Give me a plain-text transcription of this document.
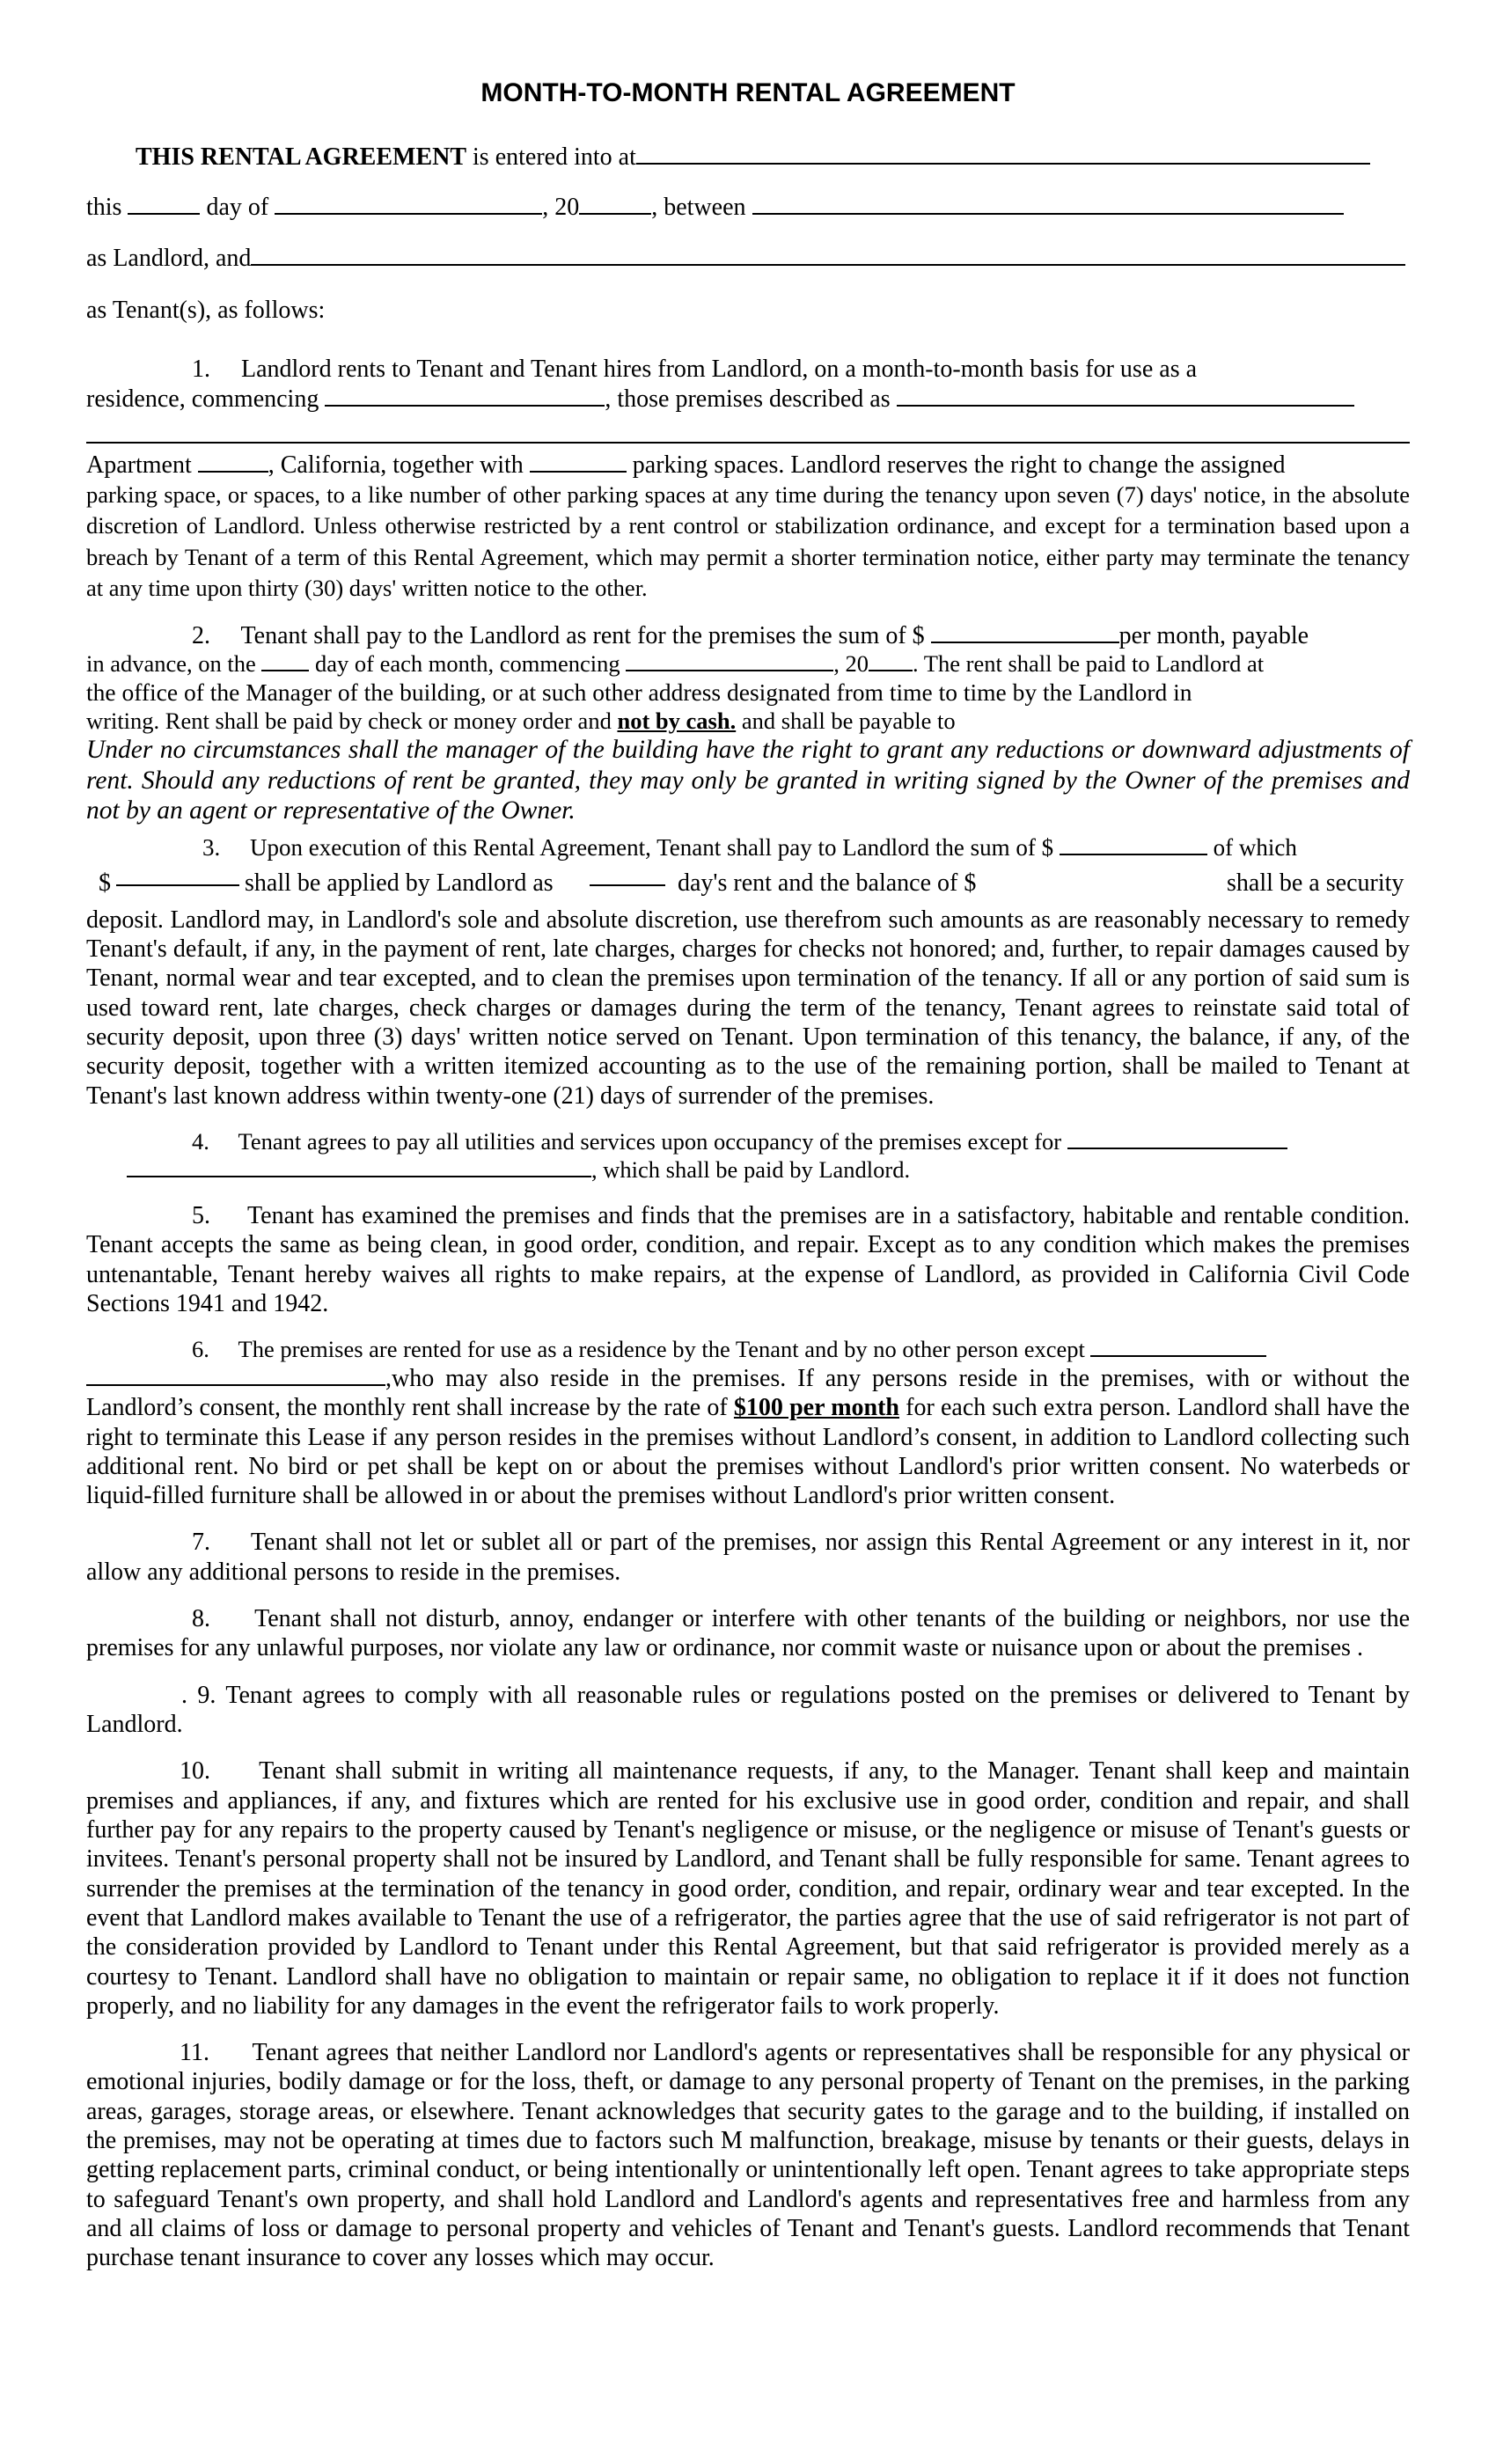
MONTH-TO-MONTH RENTAL AGREEMENT

THIS RENTAL AGREEMENT is entered into at

this	day of	, 20	, between

as Landlord, and

as Tenant(s), as follows:

1.     Landlord rents to Tenant and Tenant hires from Landlord, on a month-to-month basis for use as a

residence, commencing	, those premises described as

Apartment	, California, together with	parking spaces. Landlord reserves the right to change the assigned

parking space, or spaces, to a like number of other parking spaces at any time during the tenancy upon seven (7) days' notice, in the absolute discretion of Landlord. Unless otherwise restricted by a rent control or stabilization ordinance, and except for a termination based upon a breach by Tenant of a term of this Rental Agreement, which may permit a shorter termination notice, either party may terminate the tenancy at any time upon thirty (30) days' written notice to the other.

2.     Tenant shall pay to the Landlord as rent for the premises the sum of $	per month, payable

in advance, on the	day of each month, commencing	, 20 . The rent shall be paid to Landlord at

the office of the Manager of the building, or at such other address designated from time to time by the Landlord in

writing. Rent shall be paid by check or money order and not by cash. and shall be payable to

Under no circumstances shall the manager of the building have the right to grant any reductions or downward adjustments of rent. Should any reductions of rent be granted, they may only be granted in writing signed by the Owner of the premises and not by an agent or representative of the Owner.

3.     Upon execution of this Rental Agreement, Tenant shall pay to Landlord the sum of $	of which

$	shall be applied by Landlord as	day's rent and the balance of $	shall be a security

deposit. Landlord may, in Landlord's sole and absolute discretion, use therefrom such amounts as are reasonably necessary to remedy Tenant's default, if any, in the payment of rent, late charges, charges for checks not honored; and, further, to repair damages caused by Tenant, normal wear and tear excepted, and to clean the premises upon termination of the tenancy. If all or any portion of said sum is used toward rent, late charges, check charges or damages during the term of the tenancy, Tenant agrees to reinstate said total of security deposit, upon three (3) days' written notice served on Tenant. Upon termination of this tenancy, the balance, if any, of the security deposit, together with a written itemized accounting as to the use of the remaining portion, shall be mailed to Tenant at Tenant's last known address within twenty-one (21) days of surrender of the premises.

4.     Tenant agrees to pay all utilities and services upon occupancy of the premises except for

, which shall be paid by Landlord.

5.     Tenant has examined the premises and finds that the premises are in a satisfactory, habitable and rentable condition. Tenant accepts the same as being clean, in good order, condition, and repair. Except as to any condition which makes the premises untenantable, Tenant hereby waives all rights to make repairs, at the expense of Landlord, as provided in California Civil Code Sections 1941 and 1942.

6.     The premises are rented for use as a residence by the Tenant and by no other person except

,who may also reside in the premises. If any persons reside in the premises, with or without the Landlord’s consent, the monthly rent shall increase by the rate of $100 per month for each such extra person. Landlord shall have the right to terminate this Lease if any person resides in the premises without Landlord’s consent, in addition to Landlord collecting such additional rent. No bird or pet shall be kept on or about the premises without Landlord's prior written consent. No waterbeds or liquid-filled furniture shall be allowed in or about the premises without Landlord's prior written consent.

7.     Tenant shall not let or sublet all or part of the premises, nor assign this Rental Agreement or any interest in it, nor allow any additional persons to reside in the premises.

8.     Tenant shall not disturb, annoy, endanger or interfere with other tenants of the building or neighbors, nor use the premises for any unlawful purposes, nor violate any law or ordinance, nor commit waste or nuisance upon or about the premises .

. 9. Tenant agrees to comply with all reasonable rules or regulations posted on the premises or delivered to Tenant by Landlord.

10.     Tenant shall submit in writing all maintenance requests, if any, to the Manager. Tenant shall keep and maintain premises and appliances, if any, and fixtures which are rented for his exclusive use in good order, condition and repair, and shall further pay for any repairs to the property caused by Tenant's negligence or misuse, or the negligence or misuse of Tenant's guests or invitees. Tenant's personal property shall not be insured by Landlord, and Tenant shall be fully responsible for same. Tenant agrees to surrender the premises at the termination of the tenancy in good order, condition, and repair, ordinary wear and tear excepted. In the event that Landlord makes available to Tenant the use of a refrigerator, the parties agree that the use of said refrigerator is not part of the consideration provided by Landlord to Tenant under this Rental Agreement, but that said refrigerator is provided merely as a courtesy to Tenant. Landlord shall have no obligation to maintain or repair same, no obligation to replace it if it does not function properly, and no liability for any damages in the event the refrigerator fails to work properly.

11.      Tenant agrees that neither Landlord nor Landlord's agents or representatives shall be responsible for any physical or emotional injuries, bodily damage or for the loss, theft, or damage to any personal property of Tenant on the premises, in the parking areas, garages, storage areas, or elsewhere. Tenant acknowledges that security gates to the garage and to the building, if installed on the premises, may not be operating at times due to factors such M malfunction, breakage, misuse by tenants or their guests, delays in getting replacement parts, criminal conduct, or being intentionally or unintentionally left open. Tenant agrees to take appropriate steps to safeguard Tenant's own property, and shall hold Landlord and Landlord's agents and representatives free and harmless from any and all claims of loss or damage to personal property and vehicles of Tenant and Tenant's guests. Landlord recommends that Tenant purchase tenant insurance to cover any losses which may occur.
